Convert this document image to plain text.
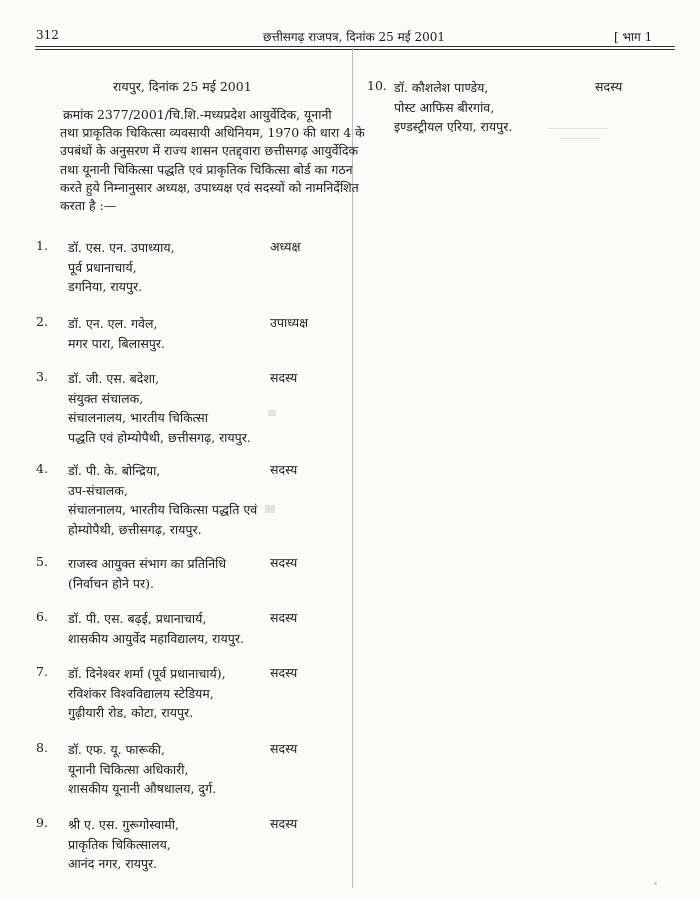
312	छत्तीसगढ़ राजपत्र, दिनांक 25 मई 2001	[ भाग 1
रायपुर, दिनांक 25 मई 2001
क्रमांक 2377/2001/चि.शि.-मध्यप्रदेश आयुर्वेदिक, यूनानी
तथा प्राकृतिक चिकित्सा व्यवसायी अधिनियम, 1970 की धारा 4 के
उपबंधों के अनुसरण में राज्य शासन एतद्द्वारा छत्तीसगढ़ आयुर्वेदिक
तथा यूनानी चिकित्सा पद्धति एवं प्राकृतिक चिकित्सा बोर्ड का गठन
करते हुये निम्नानुसार अध्यक्ष, उपाध्यक्ष एवं सदस्यों को नामनिर्देशित
करता है :—
1. डॉ. एस. एन. उपाध्याय,
पूर्व प्रधानाचार्य,
डगनिया, रायपुर.
अध्यक्ष
2. डॉ. एन. एल. गवेल,
मगर पारा, बिलासपुर.
उपाध्यक्ष
3. डॉ. जी. एस. बदेशा,
संयुक्त संचालक,
संचालनालय, भारतीय चिकित्सा
पद्धति एवं होम्योपैथी, छत्तीसगढ़, रायपुर.
सदस्य
4. डॉ. पी. के. बोन्द्रिया,
उप-संचालक,
संचालनालय, भारतीय चिकित्सा पद्धति एवं
होम्योपैथी, छत्तीसगढ़, रायपुर.
सदस्य
5. राजस्व आयुक्त संभाग का प्रतिनिधि
(निर्वाचन होने पर).
सदस्य
6. डॉ. पी. एस. बढ़ई, प्रधानाचार्य,
शासकीय आयुर्वेद महाविद्यालय, रायपुर.
सदस्य
7. डॉ. दिनेश्वर शर्मा (पूर्व प्रधानाचार्य),
रविशंकर विश्वविद्यालय स्टेडियम,
गुढ़ीयारी रोड, कोटा, रायपुर.
सदस्य
8. डॉ. एफ. यू. फारूकी,
यूनानी चिकित्सा अधिकारी,
शासकीय यूनानी औषधालय, दुर्ग.
सदस्य
9. श्री ए. एस. गुरूगोस्वामी,
प्राकृतिक चिकित्सालय,
आनंद नगर, रायपुर.
सदस्य
10. डॉ. कौशलेश पाण्डेय,
पोस्ट आफिस बीरगांव,
इण्डस्ट्रीयल एरिया, रायपुर.
सदस्य
